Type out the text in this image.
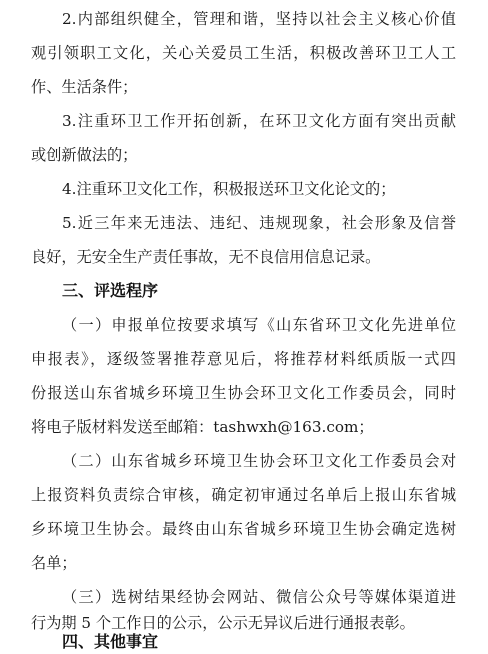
2.内部组织健全，管理和谐，坚持以社会主义核心价值

观引领职工文化，关心关爱员工生活，积极改善环卫工人工

作、生活条件；

3.注重环卫工作开拓创新，在环卫文化方面有突出贡献

或创新做法的；

4.注重环卫文化工作，积极报送环卫文化论文的；

5.近三年来无违法、违纪、违规现象，社会形象及信誉

良好，无安全生产责任事故，无不良信用信息记录。

三、评选程序

（一）申报单位按要求填写《山东省环卫文化先进单位

申报表》，逐级签署推荐意见后，将推荐材料纸质版一式四

份报送山东省城乡环境卫生协会环卫文化工作委员会，同时

将电子版材料发送至邮箱：tashwxh@163.com；

（二）山东省城乡环境卫生协会环卫文化工作委员会对

上报资料负责综合审核，确定初审通过名单后上报山东省城

乡环境卫生协会。最终由山东省城乡环境卫生协会确定选树

名单；

（三）选树结果经协会网站、微信公众号等媒体渠道进

行为期 5 个工作日的公示，公示无异议后进行通报表彰。

四、其他事宜
